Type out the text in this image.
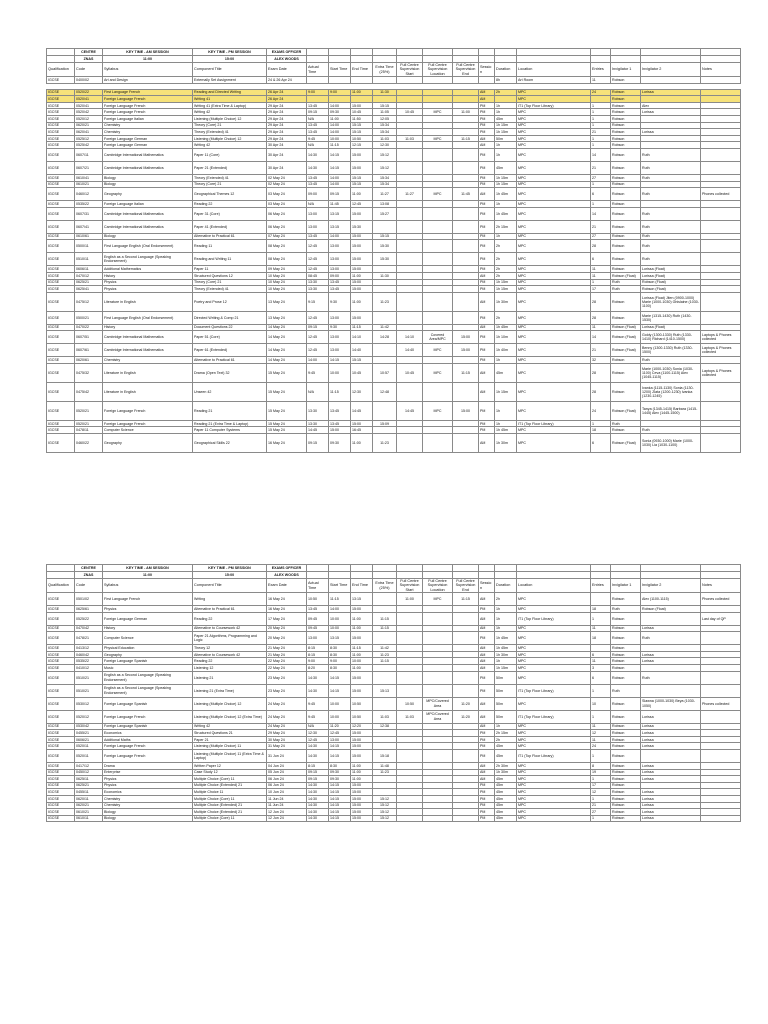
	CENTRE	KEY TIME - AM SESSION	KEY TIME - PM SESSION	EXAMS OFFICER														
	ZNAS	11:00	15:00	ALEX WOODS														
Qualification	Code	Syllabus	Component Title	Exam Date	Actual Time	Start Time	End Time	Extra Time (25%)	Full Centre Supervision Start	Full Centre Supervision Location	Full Centre Supervision End	Session	Duration	Location	Entries	Invigilator 1	Invigilator 2	Notes
IGCSE	0400/02	Art and Design	Externally Set Assignment	24 & 26 Apr 24									8h	Art Room	11	Robson		

IGCSE	0520/22	First Language French	Reading and Directed Writing	26 Apr 24	9:00	9:00	11:00	11:30				AM	2h	MPC	24	Robson	Lorissa	
IGCSE	0520/41	Foreign Language French	Writing 41	26 Apr 24								AM		MPC		Robson		
IGCSE	0520/41	Foreign Language French	Writing 41 (Extra Time & Laptop)	29 Apr 24	13:45	14:00	15:00	15:15				PM	1h	IT1 (Top Floor Library)	1	Robson	Alex	
IGCSE	0520/42	Foreign Language French	Writing 42	29 Apr 24	09:15	09:30	10:45	11:05	10:45	MPC	11:00	PM	1h	MPC	1	Robson	Lorissa	
IGCSE	0520/12	Foreign Language Italian	Listening (Multiple Choice) 12	29 Apr 24	N/A	11:00	11:50	12:05				PM	45m	MPC	1	Robson		
IGCSE	0620/21	Chemistry	Theory (Core) 21	29 Apr 24	13:45	14:00	15:15	15:34				PM	1h 15m	MPC	1	Robson		
IGCSE	0620/41	Chemistry	Theory (Extended) 41	29 Apr 24	13:45	14:00	15:15	15:34				PM	1h 15m	MPC	21	Robson	Lorissa	
IGCSE	0525/12	Foreign Language German	Listening (Multiple Choice) 12	29 Apr 24	9:45	10:00	10:50	11:03	11:03	MPC	11:15	AM	50m	MPC	1	Robson		
IGCSE	0525/42	Foreign Language German	Writing 42	30 Apr 24	N/A	11:15	12:15	12:30				AM	1h	MPC	1	Robson		
IGCSE	0607/11	Cambridge International Mathematics	Paper 11 (Core)	30 Apr 24	14:30	14:15	15:00	15:12				PM	1h	MPC	14	Robson	Ruth	
IGCSE	0607/21	Cambridge International Mathematics	Paper 21 (Extended)	30 Apr 24	14:30	14:15	15:00	15:12				PM	45m	MPC	21	Robson	Ruth	
IGCSE	0610/41	Biology	Theory (Extended) 41	02 May 24	13:45	14:00	15:15	15:34				PM	1h 15m	MPC	27	Robson	Ruth	
IGCSE	0610/21	Biology	Theory (Core) 21	02 May 24	13:45	14:00	15:15	15:34				PM	1h 15m	MPC	1	Robson		
IGCSE	0460/12	Geography	Geographical Themes 12	03 May 24	09:00	09:15	11:00	11:27	11:27	MPC	11:45	AM	1h 45m	MPC	6	Robson	Ruth	Phones collected
IGCSE	0535/22	Foreign Language Italian	Reading 22	03 May 24	N/A	11:45	12:45	13:08				PM	1h	MPC	1	Robson		
IGCSE	0607/31	Cambridge International Mathematics	Paper 31 (Core)	06 May 24	13:00	13:15	15:00	15:27				PM	1h 45m	MPC	14	Robson	Ruth	
IGCSE	0607/41	Cambridge International Mathematics	Paper 41 (Extended)	06 May 24	13:00	13:15	15:30					PM	2h 15m	MPC	21	Robson	Ruth	
IGCSE	0610/61	Biology	Alternative to Practical 61	07 May 24	13:45	14:00	15:00	15:15				PM	1h	MPC	27	Robson	Ruth	
IGCSE	0500/11	First Language English (Oral Endorsement)	Reading 11	08 May 24	12:45	13:00	15:00	15:30				PM	2h	MPC	28	Robson	Ruth	
IGCSE	0510/11	English as a Second Language (Speaking Endorsement)	Reading and Writing 11	08 May 24	12:45	13:00	15:00	15:30				PM	2h	MPC	6	Robson	Ruth	
IGCSE	0606/11	Additional Mathematics	Paper 11	09 May 24	12:45	13:00	15:00					PM	2h	MPC	11	Robson	Lorissa (Float)	
IGCSE	0470/12	History	Structured Questions 12	10 May 24	08:45	09:00	11:00	11:30				AM	2h	MPC	11	Robson (Float)	Lorissa (Float)	
IGCSE	0625/21	Physics	Theory (Core) 21	10 May 24	13:30	13:45	15:00					PM	1h 15m	MPC	1	Ruth	Robson (Float)	
IGCSE	0625/41	Physics	Theory (Extended) 41	10 May 24	13:30	13:45	15:00					PM	1h 15m	MPC	17	Ruth	Robson (Float)	
IGCSE	0475/12	Literature in English	Poetry and Prose 12	13 May 24	9:15	9:30	11:00	11:23				AM	1h 30m	MPC	28	Robson	Lorissa (Float) Jiten (0900-1000) Marie (1000-1030) Ghislaine (1030-1100)	
IGCSE	0500/21	First Language English (Oral Endorsement)	Directed Writing & Comp 21	13 May 24	12:45	13:00	15:00					PM	2h	MPC	28	Robson	Marie (1315-1430) Ruth (1430-1530)	
IGCSE	0470/22	History	Document Questions 22	14 May 24	09:15	9:30	11:15	11:42				AM	1h 45m	MPC	11	Robson (Float)	Lorissa (Float)	
IGCSE	0607/51	Cambridge International Mathematics	Paper 51 (Core)	14 May 24	12:45	13:00	14:10	14:28	14:10	Covered Area/MPC	15:00	PM	1h 10m	MPC	14	Robson (Float)	Goldy (1300-1330) Ruth (1330-1410) Richard (1410-1500)	Laptops & Phones collected
IGCSE	0607/61	Cambridge International Mathematics	Paper 61 (Extended)	14 May 24	12:45	13:00	14:40		14:40	MPC	15:00	PM	1h 40m	MPC	21	Robson (Float)	Benny (1300-1330) Ruth (1330-1500)	Laptops & Phones collected
IGCSE	0620/61	Chemistry	Alternative to Practical 61	14 May 24	14:00	14:15	15:15					PM	1h	MPC	32	Robson	Ruth	
IGCSE	0475/32	Literature in English	Drama (Open Text) 32	15 May 24	9:45	10:00	10:45	10:57	10:45	MPC	11:15	AM	45m	MPC	28	Robson	Marie (1000-1030) Sonia (1030-1100) Ceva (1100-1115) Alex (1045-1115)	Laptops & Phones collected
IGCSE	0475/42	Literature in English	Unseen 42	15 May 24	N/A	11:15	12:30	12:48				AM	1h 15m	MPC	28	Robson	Ivanka (1115-1130) Sonia (1130-1200) Zlata (1200-1230) Ivanka (1230-1245)	
IGCSE	0520/21	Foreign Language French	Reading 21	15 May 24	13:30	13:45	14:45		14:45	MPC	15:00	PM	1h	MPC	24	Robson (Float)	Tanya (1345-1415) Barbara (1415-1445) Alex (1445-1500)	
IGCSE	0520/21	Foreign Language French	Reading 21 (Extra Time & Laptop)	15 May 24	13:30	13:45	15:00	15:09				PM	1h	IT1 (Top Floor Library)	1	Ruth		
IGCSE	0478/11	Computer Science	Paper 11 Computer Systems	15 May 24	14:45	15:00	16:45					PM	1h 45m	MPC	18	Robson	Ruth	
IGCSE	0460/22	Geography	Geographical Skills 22	16 May 24	09:15	09:30	11:00	11:23				AM	1h 30m	MPC	6	Robson (Float)	Sonia (0930-1000) Marie (1000-1030) Lia (1030-1100)	
	CENTRE	KEY TIME - AM SESSION	KEY TIME - PM SESSION	EXAMS OFFICER														
	ZNAS	11:00	15:00	ALEX WOODS														
Qualification	Code	Syllabus	Component Title	Exam Date	Actual Time	Start Time	End Time	Extra Time (25%)	Full Centre Supervision Start	Full Centre Supervision Location	Full Centre Supervision End	Session	Duration	Location	Entries	Invigilator 1	Invigilator 2	Notes
IGCSE	0501/02	First Language French	Writing	16 May 24	10:50	11:15	13:15		11:00	MPC	11:15	AM	2h	MPC		Robson	Alex (1100-1115)	Phones collected
IGCSE	0625/61	Physics	Alternative to Practical 61	16 May 24	13:45	14:00	15:00					PM	1h	MPC	18	Ruth	Robson (Float)	
IGCSE	0525/22	Foreign Language German	Reading 22	17 May 24	09:45	10:00	11:00	11:15				AM	1h	IT1 (Top Floor Library)	1	Robson		Last day of QP
IGCSE	0470/42	History	Alternative to Coursework 42	20 May 24	09:45	10:00	11:00	11:15				AM	1h	MPC	11	Robson	Lorissa	
IGCSE	0478/21	Computer Science	Paper 21 Algorithms, Programming and Logic	20 May 24	13:00	13:15	15:00					PM	1h 45m	MPC	18	Robson	Ruth	
IGCSE	0413/12	Physical Education	Theory 12	21 May 24	8:15	8:30	11:15	11:42				AM	1h 45m	MPC		Robson		
IGCSE	0460/42	Geography	Alternative to Coursework 42	21 May 24	8:15	8:30	11:00	11:23				AM	1h 30m	MPC	6	Robson	Lorissa	
IGCSE	0535/22	Foreign Language Spanish	Reading 22	22 May 24	9:00	9:00	10:00	11:15				AM	1h	MPC	11	Robson	Lorissa	
IGCSE	0410/12	Music	Listening 12	22 May 24	8:20	8:30	11:00					AM	1h 15m	MPC	3	Robson		
IGCSE	0510/21	English as a Second Language (Speaking Endorsement)	Listening 21	23 May 24	14:30	14:15	15:00					PM	50m	MPC	6	Robson	Ruth	
IGCSE	0510/21	English as a Second Language (Speaking Endorsement)	Listening 21 (Extra Time)	23 May 24	14:30	14:15	15:00	15:13				PM	50m	IT1 (Top Floor Library)	1	Ruth		
IGCSE	0530/12	Foreign Language Spanish	Listening (Multiple Choice) 12	24 May 24	9:45	10:00	10:50		10:50	MPC/Covered Area	11:20	AM	50m	MPC	10	Robson	Slawna (1000-1030) Beya (1030-1050)	Phones collected
IGCSE	0520/12	Foreign Language French	Listening (Multiple Choice) 12 (Extra Time)	24 May 24	9:45	10:00	10:50	11:03	11:03	MPC/Covered Area	11:20	AM	50m	IT1 (Top Floor Library)	1	Robson	Lorissa	
IGCSE	0530/42	Foreign Language Spanish	Writing 42	24 May 24	N/A	11:20	12:20	12:38				AM	1h	MPC	11	Robson	Lorissa	
IGCSE	0455/21	Economics	Structured Questions 21	29 May 24	12:30	12:45	15:00					PM	2h 15m	MPC	12	Robson	Lorissa	
IGCSE	0606/21	Additional Maths	Paper 21	30 May 24	12:45	13:00	15:00					PM	2h	MPC	11	Robson	Lorissa	
IGCSE	0520/11	Foreign Language French	Listening (Multiple Choice) 11	31 May 24	14:30	14:15	15:00					PM	45m	MPC	24	Robson	Lorissa	
IGCSE	0520/11	Foreign Language French	Listening (Multiple Choice) 11 (Extra Time & Laptop)	31 Jun 24	14:30	14:15	15:00	15:18				PM	45m	IT1 (Top Floor Library)	1	Robson		
IGCSE	0417/12	Drama	Written Paper 12	04 Jun 24	8:15	8:30	11:00	11:48				AM	2h 30m	MPC	8	Robson	Lorissa	
IGCSE	0450/12	Enterprise	Case Study 12	05 Jun 24	09:15	09:30	11:00	11:23				AM	1h 30m	MPC	19	Robson	Lorissa	
IGCSE	0625/11	Physics	Multiple Choice (Core) 11	06 Jun 24	09:15	09:30	11:00					AM	45m	MPC	1	Robson	Lorissa	
IGCSE	0625/21	Physics	Multiple Choice (Extended) 21	06 Jun 24	14:30	14:15	15:00					PM	45m	MPC	17	Robson		
IGCSE	0455/11	Economics	Multiple Choice 11	10 Jun 24	14:30	14:15	15:00					PM	45m	MPC	12	Robson	Lorissa	
IGCSE	0620/11	Chemistry	Multiple Choice (Core) 11	11 Jun 24	14:30	14:15	15:00	15:12				PM	45m	MPC	1	Robson	Lorissa	
IGCSE	0620/21	Chemistry	Multiple Choice (Extended) 21	11 Jun 24	14:30	14:15	15:00	15:12				PM	45m	MPC	21	Robson	Lorissa	
IGCSE	0610/21	Biology	Multiple Choice (Extended) 21	12 Jun 24	14:30	14:15	15:00	15:12				PM	45m	MPC	27	Robson	Lorissa	
IGCSE	0610/11	Biology	Multiple Choice (Core) 11	12 Jun 24	14:30	14:15	15:00	15:12				PM	45m	MPC	1	Robson	Lorissa	
